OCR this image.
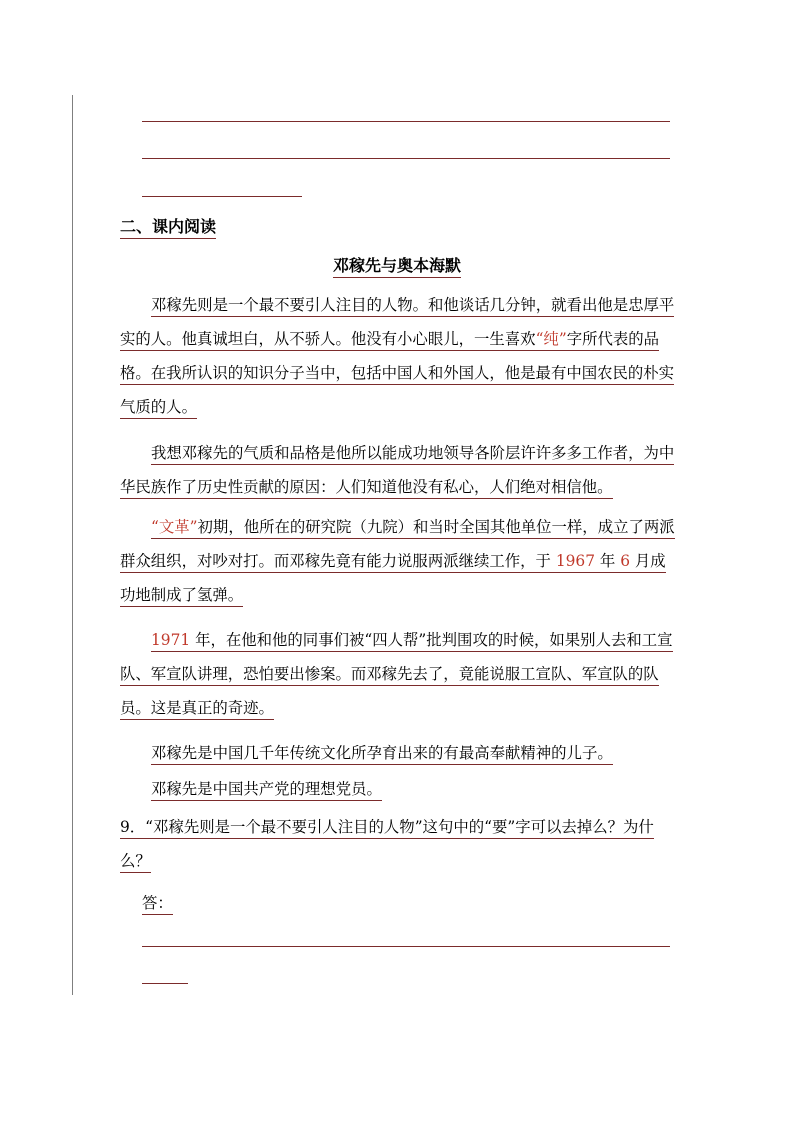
二、课内阅读
邓稼先与奥本海默

邓稼先则是一个最不要引人注目的人物。和他谈话几分钟，就看出他是忠厚平实的人。他真诚坦白，从不骄人。他没有小心眼儿，一生喜欢“纯”字所代表的品格。在我所认识的知识分子当中，包括中国人和外国人，他是最有中国农民的朴实气质的人。

我想邓稼先的气质和品格是他所以能成功地领导各阶层许许多多工作者，为中华民族作了历史性贡献的原因：人们知道他没有私心，人们绝对相信他。

“文革”初期，他所在的研究院（九院）和当时全国其他单位一样，成立了两派群众组织，对吵对打。而邓稼先竟有能力说服两派继续工作，于 1967 年 6 月成功地制成了氢弹。

1971 年，在他和他的同事们被“四人帮”批判围攻的时候，如果别人去和工宣队、军宣队讲理，恐怕要出惨案。而邓稼先去了，竟能说服工宣队、军宣队的队员。这是真正的奇迹。

邓稼先是中国几千年传统文化所孕育出来的有最高奉献精神的儿子。

邓稼先是中国共产党的理想党员。

9．“邓稼先则是一个最不要引人注目的人物”这句中的“要”字可以去掉么？为什么？

答：
